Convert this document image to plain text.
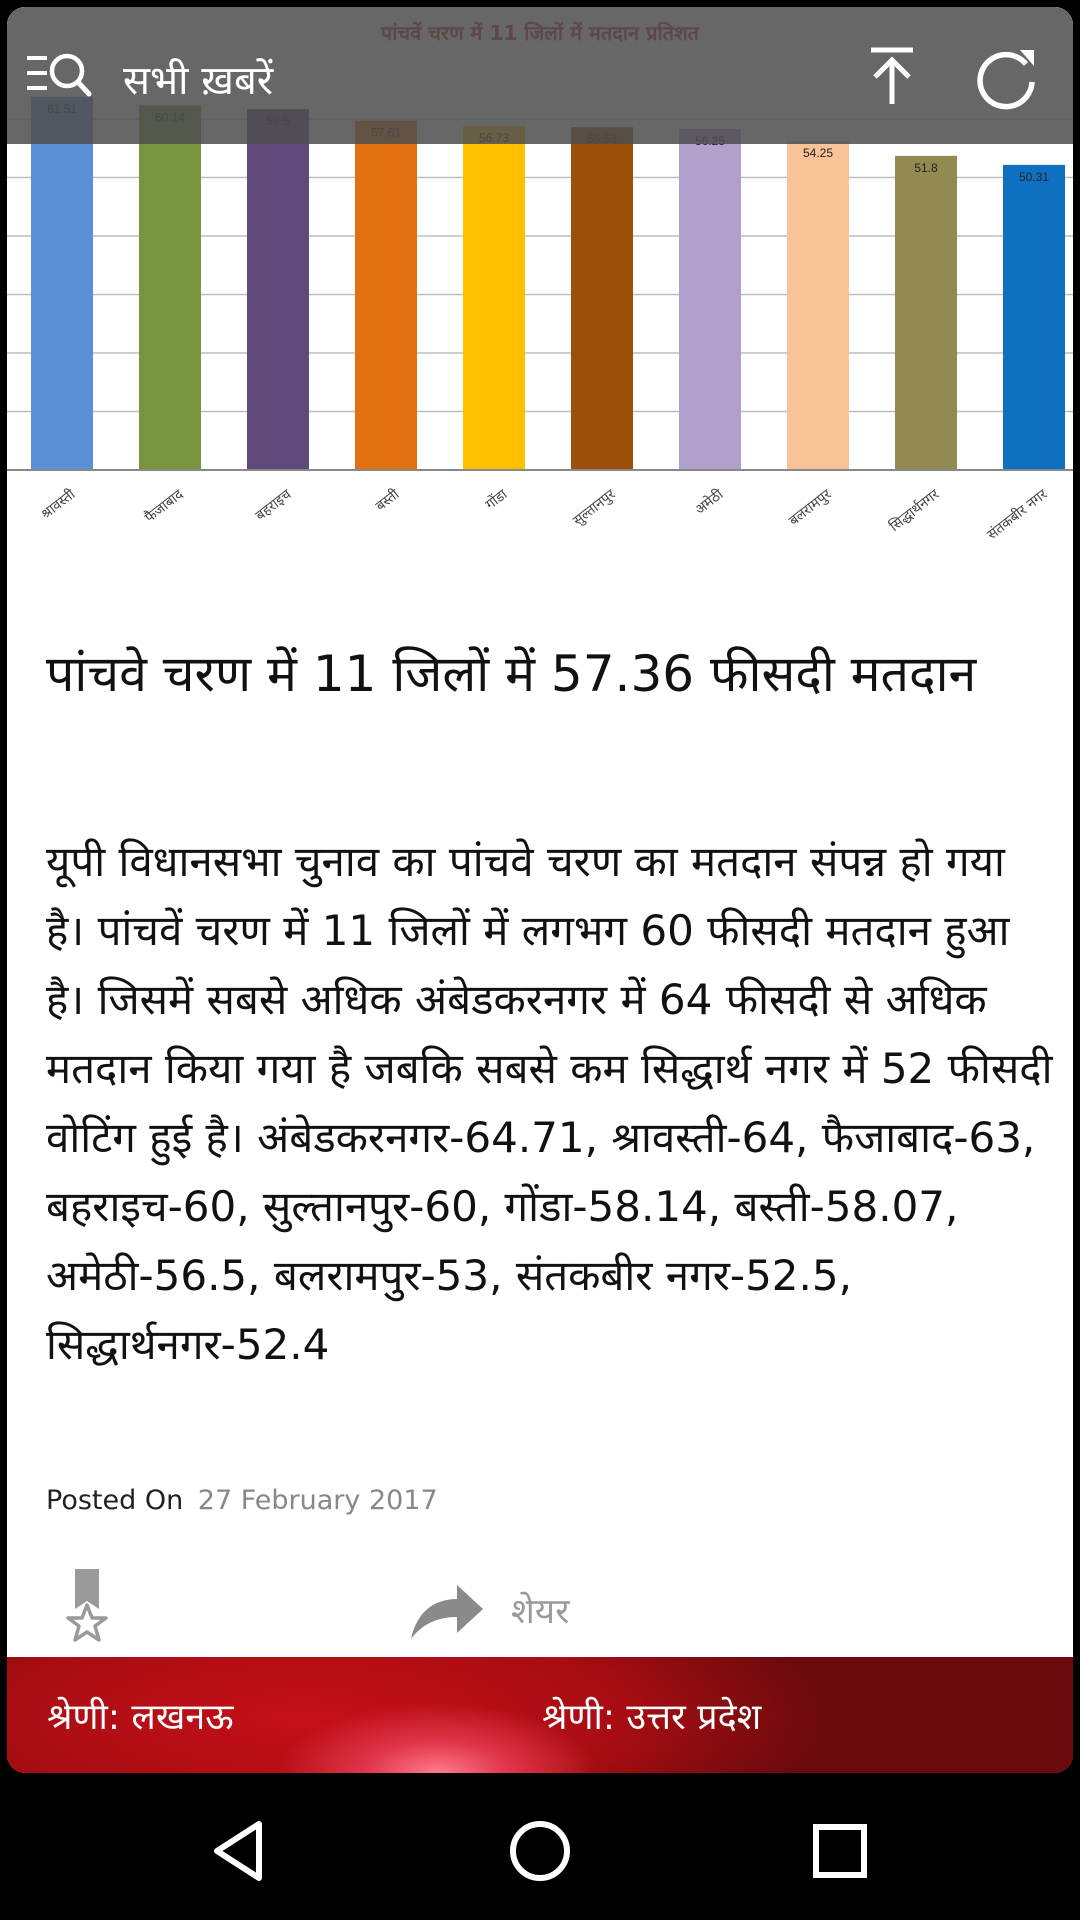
श्रावस्ती	फैजाबाद	बहराइच	बस्ती	गोंडा	सुल्तानपुर	अमेठी
54.25
बलरामपुर
51.8
सिद्धार्थनगर
50.31
संतकबीर नगर
सभी ख़बरें
पांचवे चरण में 11 जिलों में 57.36 फीसदी मतदान
यूपी विधानसभा चुनाव का पांचवे चरण का मतदान संपन्न हो गया है। पांचवें चरण में 11 जिलों में लगभग 60 फीसदी मतदान हुआ है। जिसमें सबसे अधिक अंबेडकरनगर में 64 फीसदी से अधिक मतदान किया गया है जबकि सबसे कम सिद्धार्थ नगर में 52 फीसदी वोटिंग हुई है। अंबेडकरनगर-64.71, श्रावस्ती-64, फैजाबाद-63, बहराइच-60, सुल्तानपुर-60, गोंडा-58.14, बस्ती-58.07, अमेठी-56.5, बलरामपुर-53, संतकबीर नगर-52.5, सिद्धार्थनगर-52.4
Posted On 27 February 2017
शेयर
श्रेणी: लखनऊ	श्रेणी: उत्तर प्रदेश
